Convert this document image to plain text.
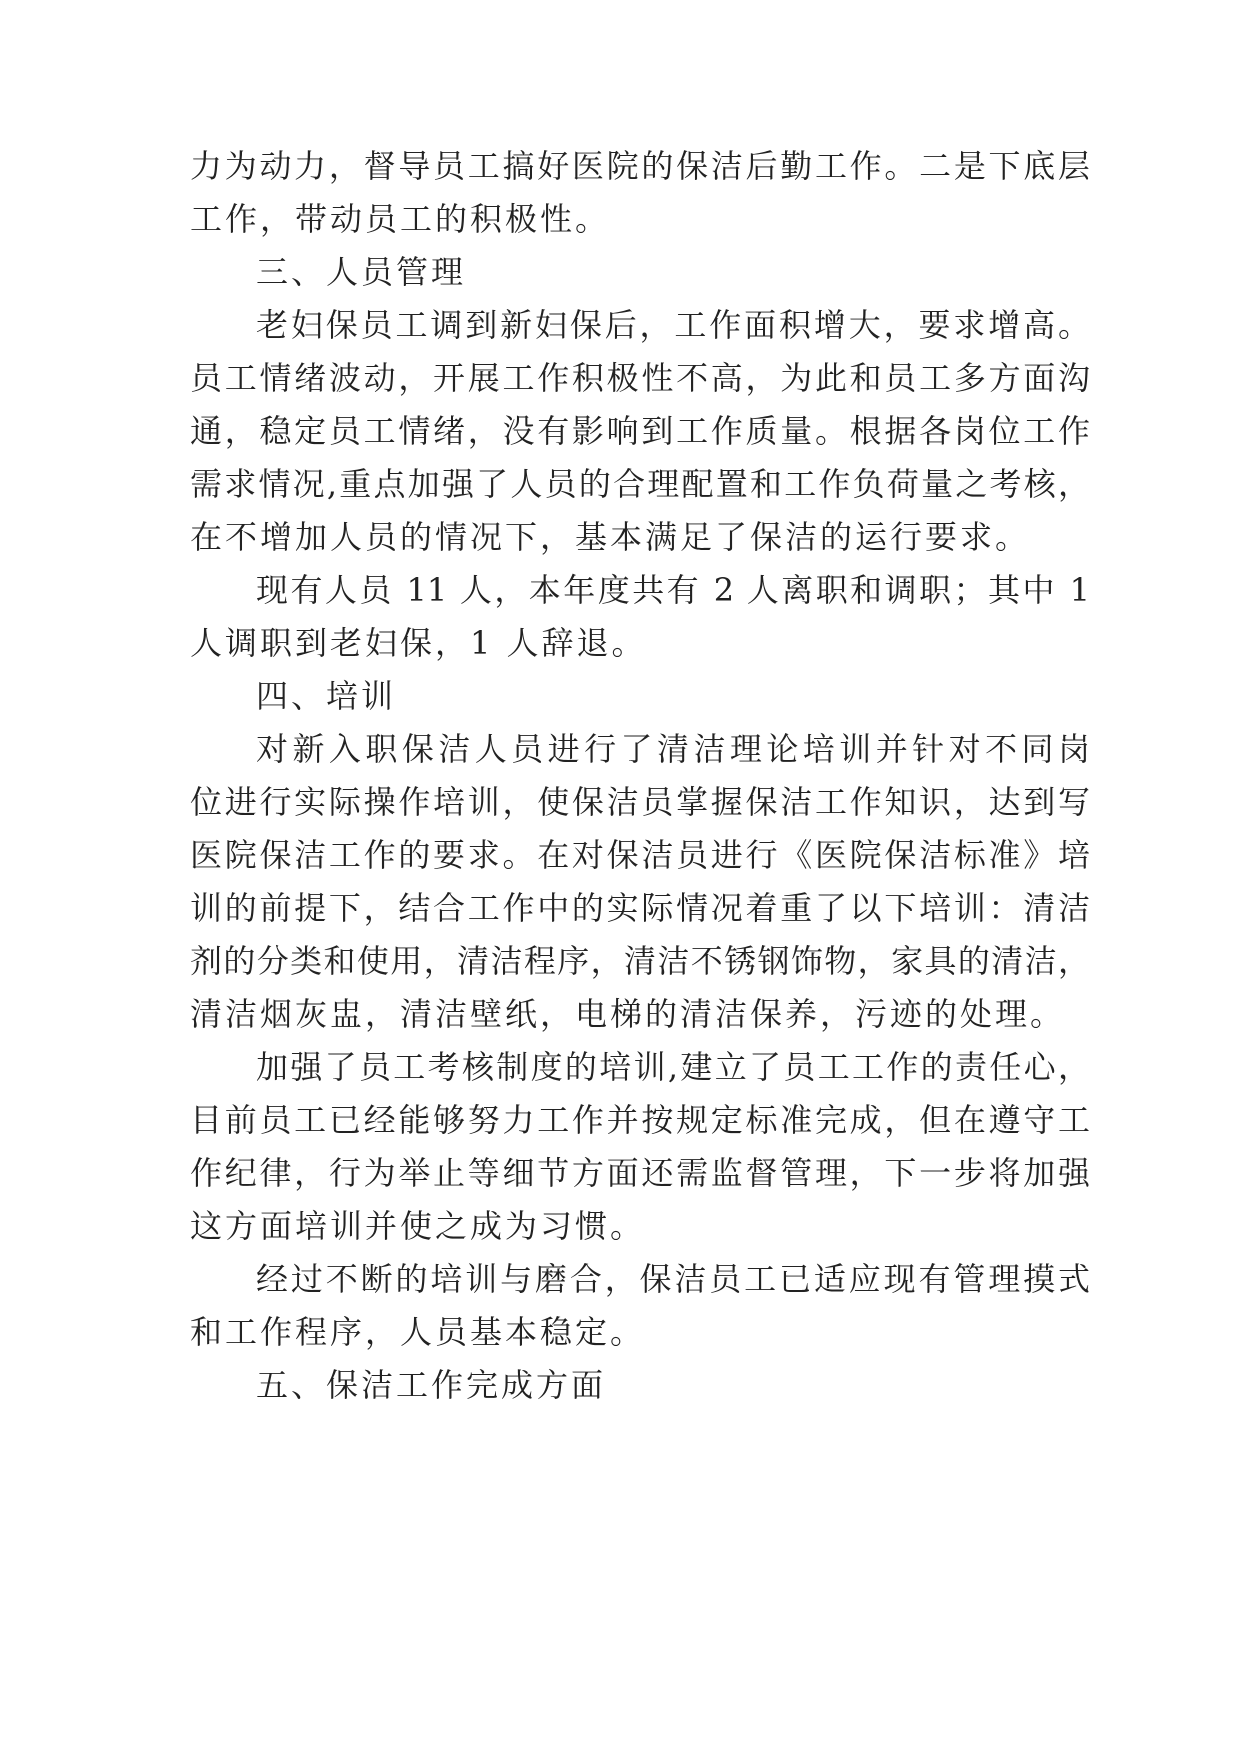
力为动力，督导员工搞好医院的保洁后勤工作。二是下底层
工作，带动员工的积极性。
三、人员管理
老妇保员工调到新妇保后，工作面积增大，要求增高。
员工情绪波动，开展工作积极性不高，为此和员工多方面沟
通，稳定员工情绪，没有影响到工作质量。根据各岗位工作
需求情况,重点加强了人员的合理配置和工作负荷量之考核，
在不增加人员的情况下，基本满足了保洁的运行要求。
现有人员 11 人，本年度共有 2 人离职和调职；其中 1
人调职到老妇保，1 人辞退。
四、培训
对新入职保洁人员进行了清洁理论培训并针对不同岗
位进行实际操作培训，使保洁员掌握保洁工作知识，达到写
医院保洁工作的要求。在对保洁员进行《医院保洁标准》培
训的前提下，结合工作中的实际情况着重了以下培训：清洁
剂的分类和使用，清洁程序，清洁不锈钢饰物，家具的清洁，
清洁烟灰盅，清洁壁纸，电梯的清洁保养，污迹的处理。
加强了员工考核制度的培训,建立了员工工作的责任心，
目前员工已经能够努力工作并按规定标准完成，但在遵守工
作纪律，行为举止等细节方面还需监督管理，下一步将加强
这方面培训并使之成为习惯。
经过不断的培训与磨合，保洁员工已适应现有管理摸式
和工作程序，人员基本稳定。
五、保洁工作完成方面
